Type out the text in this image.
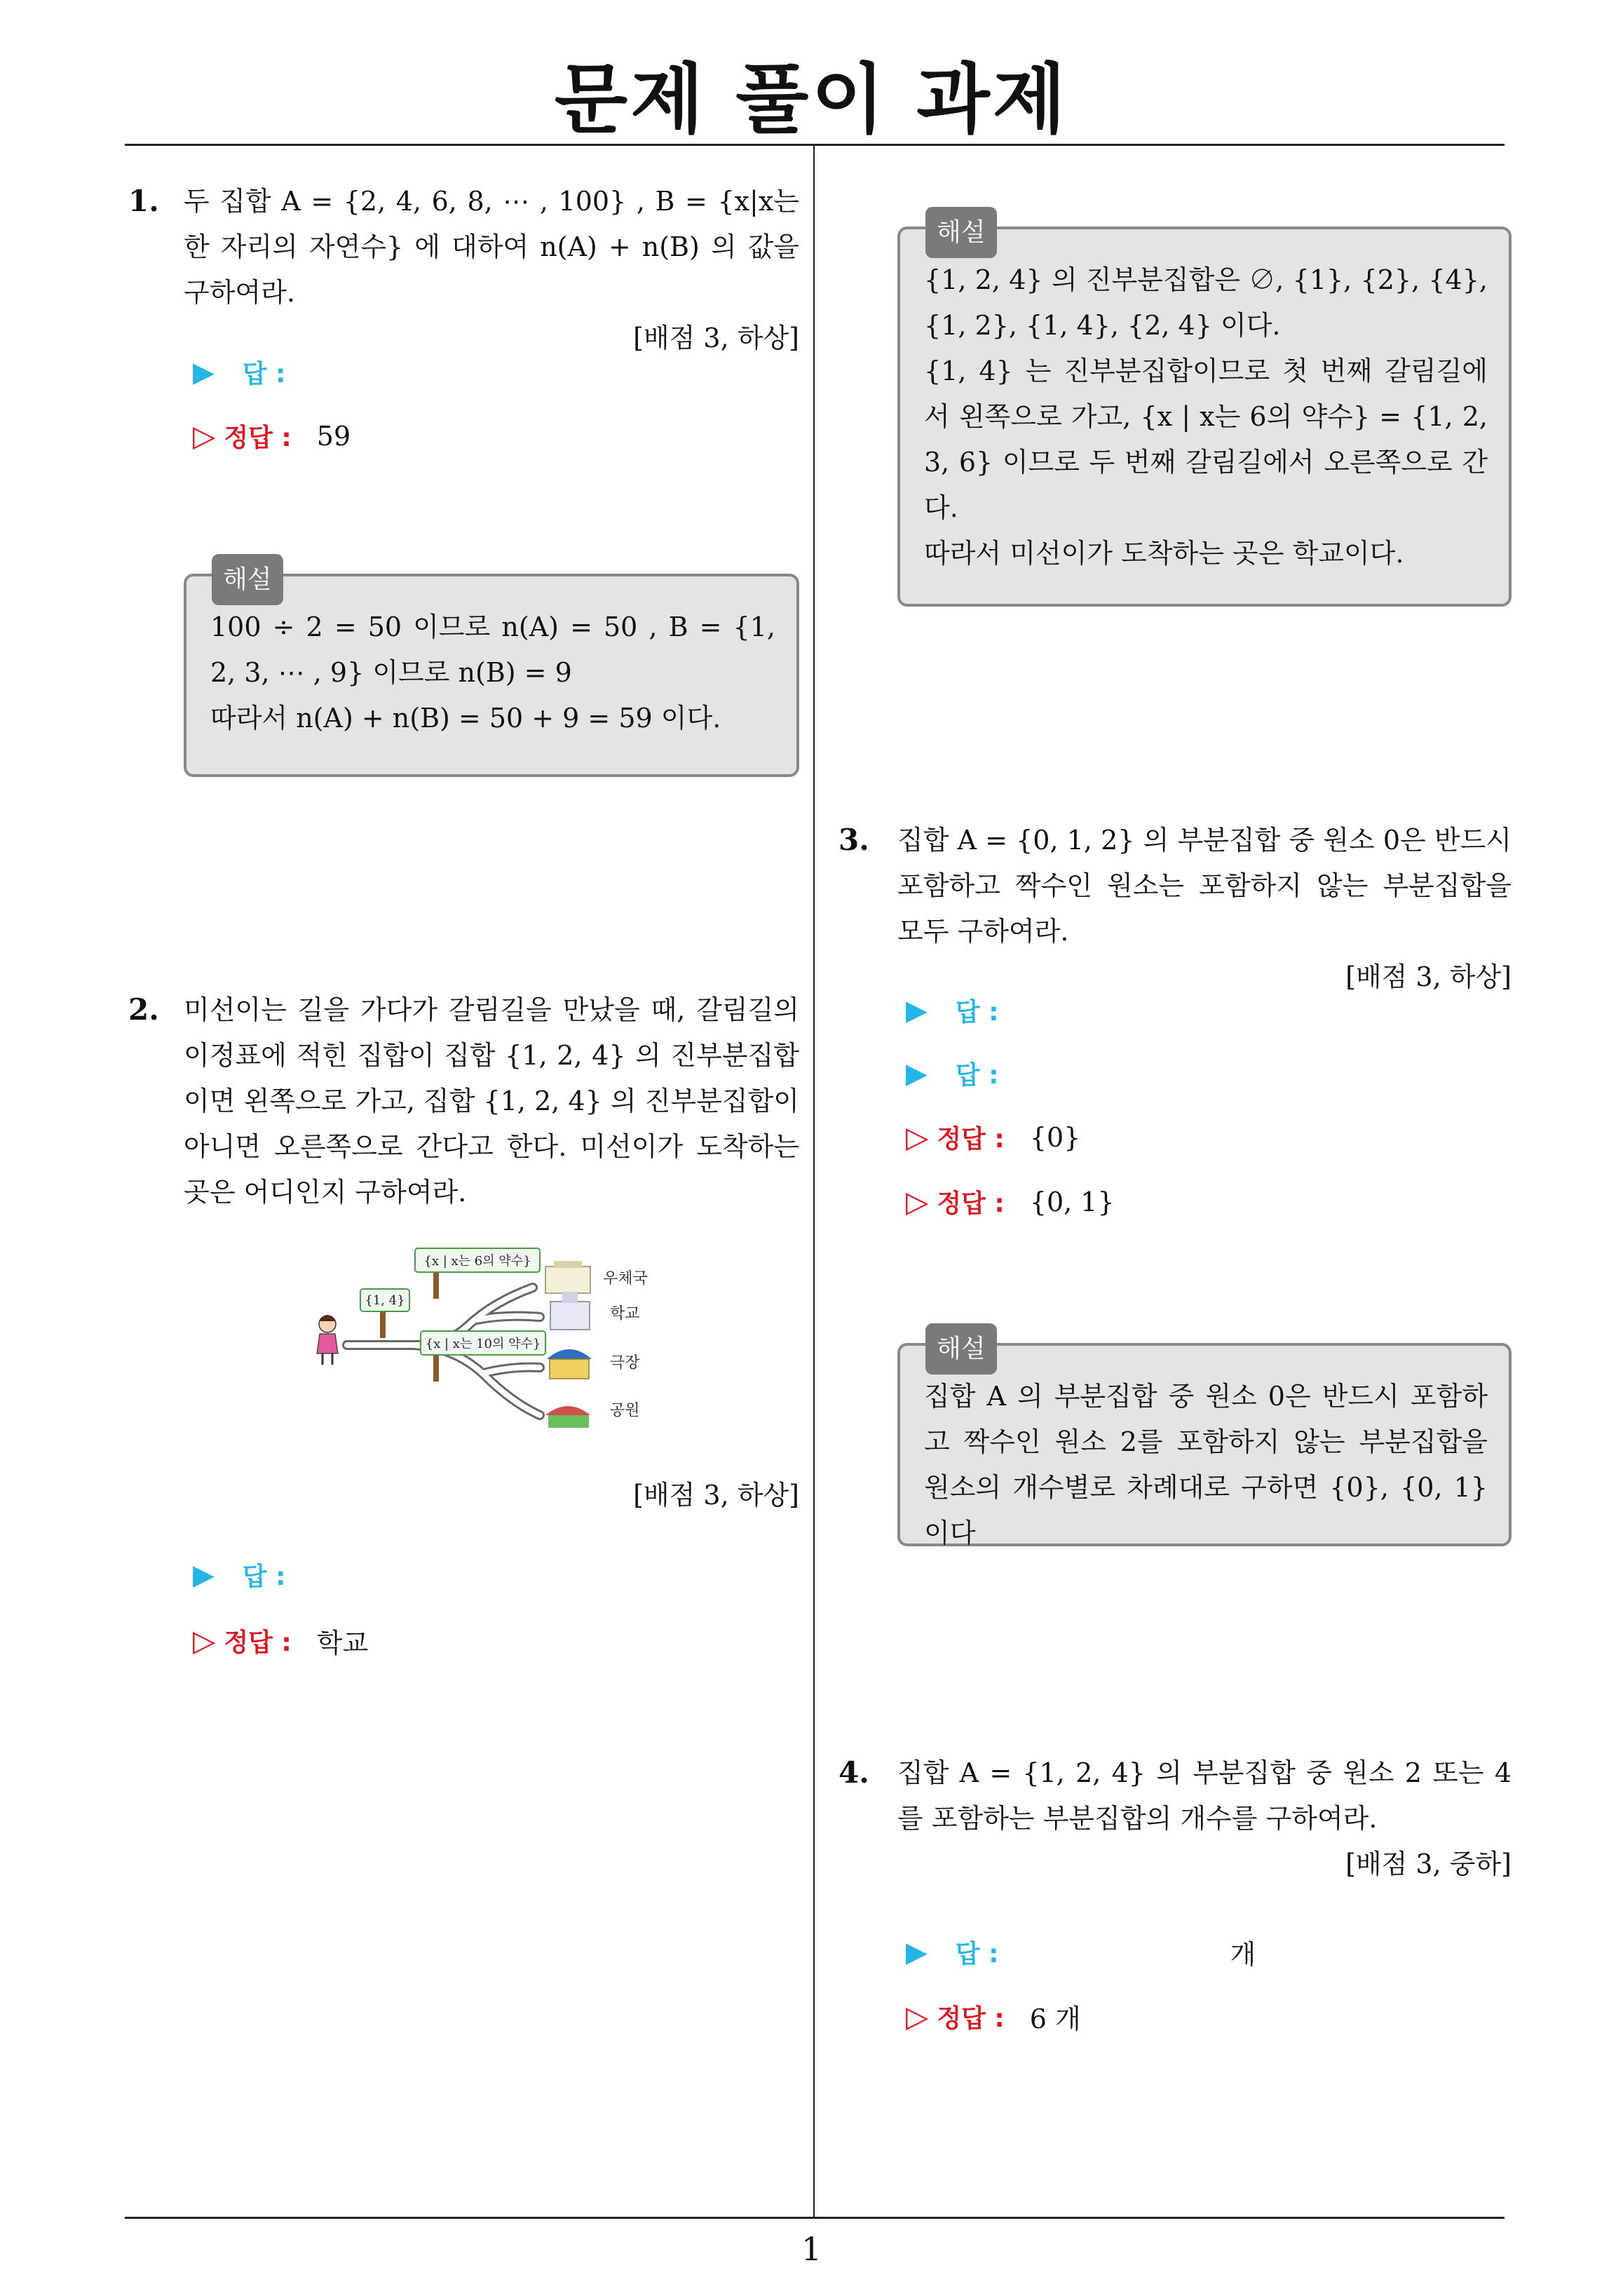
문제 풀이 과제
1. 두 집합 A = {2, 4, 6, 8, ⋯ , 100} , B = {x|x는 한 자리의 자연수} 에 대하여 n(A) + n(B) 의 값을 구하여라.
[배점 3, 하상]
▶ 답 :
▷ 정답 : 59
해설
100 ÷ 2 = 50 이므로 n(A) = 50 , B = {1, 2, 3, ⋯ , 9} 이므로 n(B) = 9
따라서 n(A) + n(B) = 50 + 9 = 59 이다.
2. 미선이는 길을 가다가 갈림길을 만났을 때, 갈림길의 이정표에 적힌 집합이 집합 {1, 2, 4} 의 진부분집합이면 왼쪽으로 가고, 집합 {1, 2, 4} 의 진부분집합이 아니면 오른쪽으로 간다고 한다. 미선이가 도착하는 곳은 어디인지 구하여라.
{x | x는 6의 약수}
{1, 4}
{x | x는 10의 약수}
우체국
학교
극장
공원
[배점 3, 하상]
▶ 답 :
▷ 정답 : 학교
해설
{1, 2, 4} 의 진부분집합은 ∅, {1}, {2}, {4}, {1, 2}, {1, 4}, {2, 4} 이다.
{1, 4} 는 진부분집합이므로 첫 번째 갈림길에서 왼쪽으로 가고, {x | x는 6의 약수} = {1, 2, 3, 6} 이므로 두 번째 갈림길에서 오른쪽으로 간다.
따라서 미선이가 도착하는 곳은 학교이다.
3. 집합 A = {0, 1, 2} 의 부분집합 중 원소 0은 반드시 포함하고 짝수인 원소는 포함하지 않는 부분집합을 모두 구하여라.
[배점 3, 하상]
▶ 답 :
▶ 답 :
▷ 정답 : {0}
▷ 정답 : {0, 1}
해설
집합 A 의 부분집합 중 원소 0은 반드시 포함하고 짝수인 원소 2를 포함하지 않는 부분집합을 원소의 개수별로 차례대로 구하면 {0}, {0, 1} 이다
4. 집합 A = {1, 2, 4} 의 부분집합 중 원소 2 또는 4 를 포함하는 부분집합의 개수를 구하여라.
[배점 3, 중하]
▶ 답 :	개
▷ 정답 : 6 개
1
